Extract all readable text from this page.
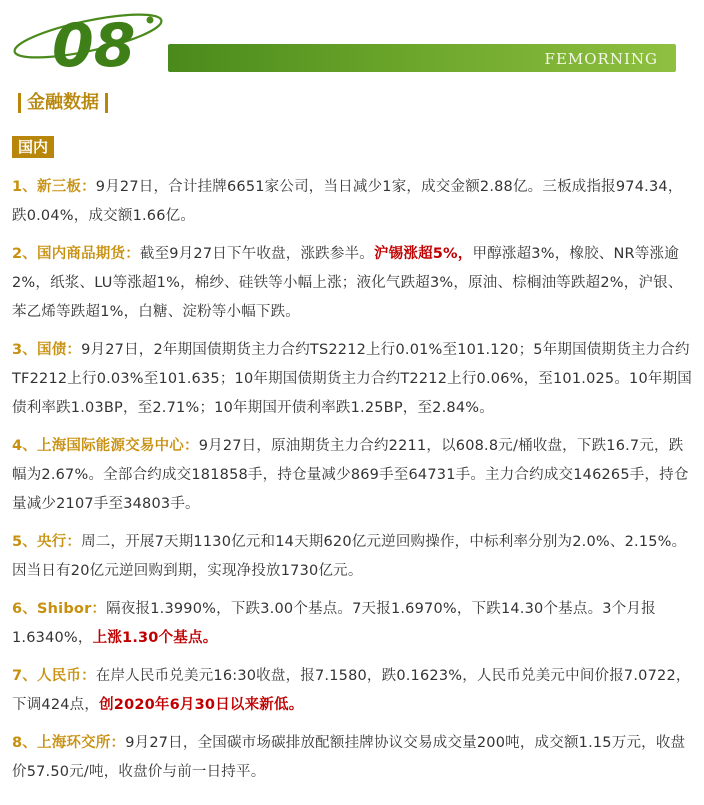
08	FEMORNING
金融数据
国内

1、新三板：9月27日，合计挂牌6651家公司，当日减少1家，成交金额2.88亿。三板成指报974.34，跌0.04%，成交额1.66亿。

2、国内商品期货：截至9月27日下午收盘，涨跌参半。沪锡涨超5%，甲醇涨超3%，橡胶、NR等涨逾2%，纸浆、LU等涨超1%，棉纱、硅铁等小幅上涨；液化气跌超3%，原油、棕榈油等跌超2%，沪银、苯乙烯等跌超1%，白糖、淀粉等小幅下跌。

3、国债：9月27日，2年期国债期货主力合约TS2212上行0.01%至101.120；5年期国债期货主力合约TF2212上行0.03%至101.635；10年期国债期货主力合约T2212上行0.06%，至101.025。10年期国债利率跌1.03BP，至2.71%；10年期国开债利率跌1.25BP，至2.84%。

4、上海国际能源交易中心：9月27日，原油期货主力合约2211，以608.8元/桶收盘，下跌16.7元，跌幅为2.67%。全部合约成交181858手，持仓量减少869手至64731手。主力合约成交146265手，持仓量减少2107手至34803手。

5、央行：周二，开展7天期1130亿元和14天期620亿元逆回购操作，中标利率分别为2.0%、2.15%。因当日有20亿元逆回购到期，实现净投放1730亿元。

6、Shibor：隔夜报1.3990%，下跌3.00个基点。7天报1.6970%，下跌14.30个基点。3个月报1.6340%，上涨1.30个基点。

7、人民币：在岸人民币兑美元16:30收盘，报7.1580，跌0.1623%，人民币兑美元中间价报7.0722，下调424点，创2020年6月30日以来新低。

8、上海环交所：9月27日，全国碳市场碳排放配额挂牌协议交易成交量200吨，成交额1.15万元，收盘价57.50元/吨，收盘价与前一日持平。
